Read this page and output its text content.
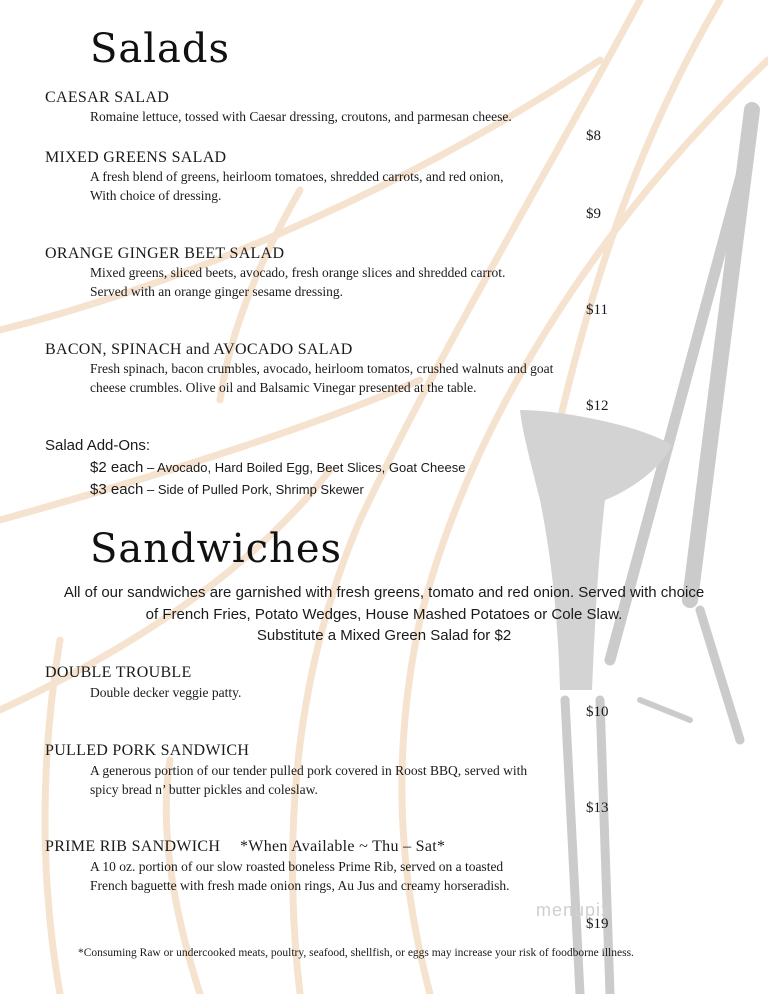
Salads
CAESAR SALAD
Romaine lettuce, tossed with Caesar dressing, croutons, and parmesan cheese.
$8
MIXED GREENS SALAD
A fresh blend of greens, heirloom tomatoes, shredded carrots, and red onion,
With choice of dressing.
$9
ORANGE GINGER BEET SALAD
Mixed greens, sliced beets, avocado, fresh orange slices and shredded carrot.
Served with an orange ginger sesame dressing.
$11
BACON, SPINACH and AVOCADO SALAD
Fresh spinach, bacon crumbles, avocado, heirloom tomatos, crushed walnuts and goat
cheese crumbles. Olive oil and Balsamic Vinegar presented at the table.
$12
Salad Add-Ons:
$2 each – Avocado, Hard Boiled Egg, Beet Slices, Goat Cheese
$3 each – Side of Pulled Pork, Shrimp Skewer
Sandwiches
All of our sandwiches are garnished with fresh greens, tomato and red onion. Served with choice
of French Fries, Potato Wedges, House Mashed Potatoes or Cole Slaw.
Substitute a Mixed Green Salad for $2
DOUBLE TROUBLE
Double decker veggie patty.
$10
PULLED PORK SANDWICH
A generous portion of our tender pulled pork covered in Roost BBQ, served with
spicy bread n’ butter pickles and coleslaw.
$13
PRIME RIB SANDWICH *When Available ~ Thu – Sat*
A 10 oz. portion of our slow roasted boneless Prime Rib, served on a toasted
French baguette with fresh made onion rings, Au Jus and creamy horseradish.
menupix
$19
*Consuming Raw or undercooked meats, poultry, seafood, shellfish, or eggs may increase your risk of foodborne illness.
